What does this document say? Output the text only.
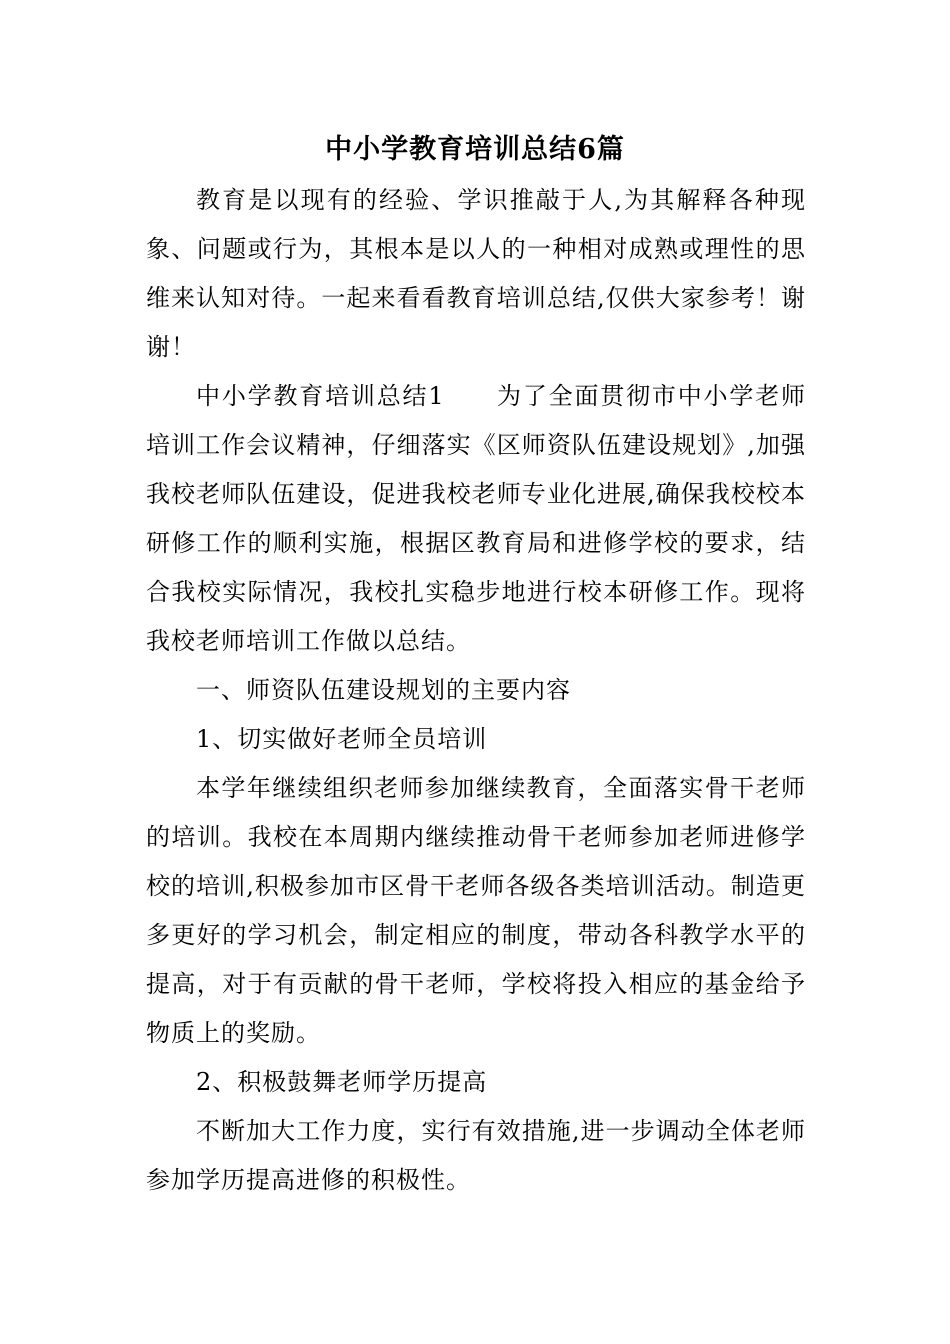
中小学教育培训总结6篇

教育是以现有的经验、学识推敲于人,为其解释各种现象、问题或行为，其根本是以人的一种相对成熟或理性的思维来认知对待。一起来看看教育培训总结,仅供大家参考！谢谢！

中小学教育培训总结1　　为了全面贯彻市中小学老师培训工作会议精神，仔细落实《区师资队伍建设规划》,加强我校老师队伍建设，促进我校老师专业化进展,确保我校校本研修工作的顺利实施，根据区教育局和进修学校的要求，结合我校实际情况，我校扎实稳步地进行校本研修工作。现将我校老师培训工作做以总结。

一、师资队伍建设规划的主要内容

1、切实做好老师全员培训

本学年继续组织老师参加继续教育，全面落实骨干老师的培训。我校在本周期内继续推动骨干老师参加老师进修学校的培训,积极参加市区骨干老师各级各类培训活动。制造更多更好的学习机会，制定相应的制度，带动各科教学水平的提高，对于有贡献的骨干老师，学校将投入相应的基金给予物质上的奖励。

2、积极鼓舞老师学历提高

不断加大工作力度，实行有效措施,进一步调动全体老师参加学历提高进修的积极性。
